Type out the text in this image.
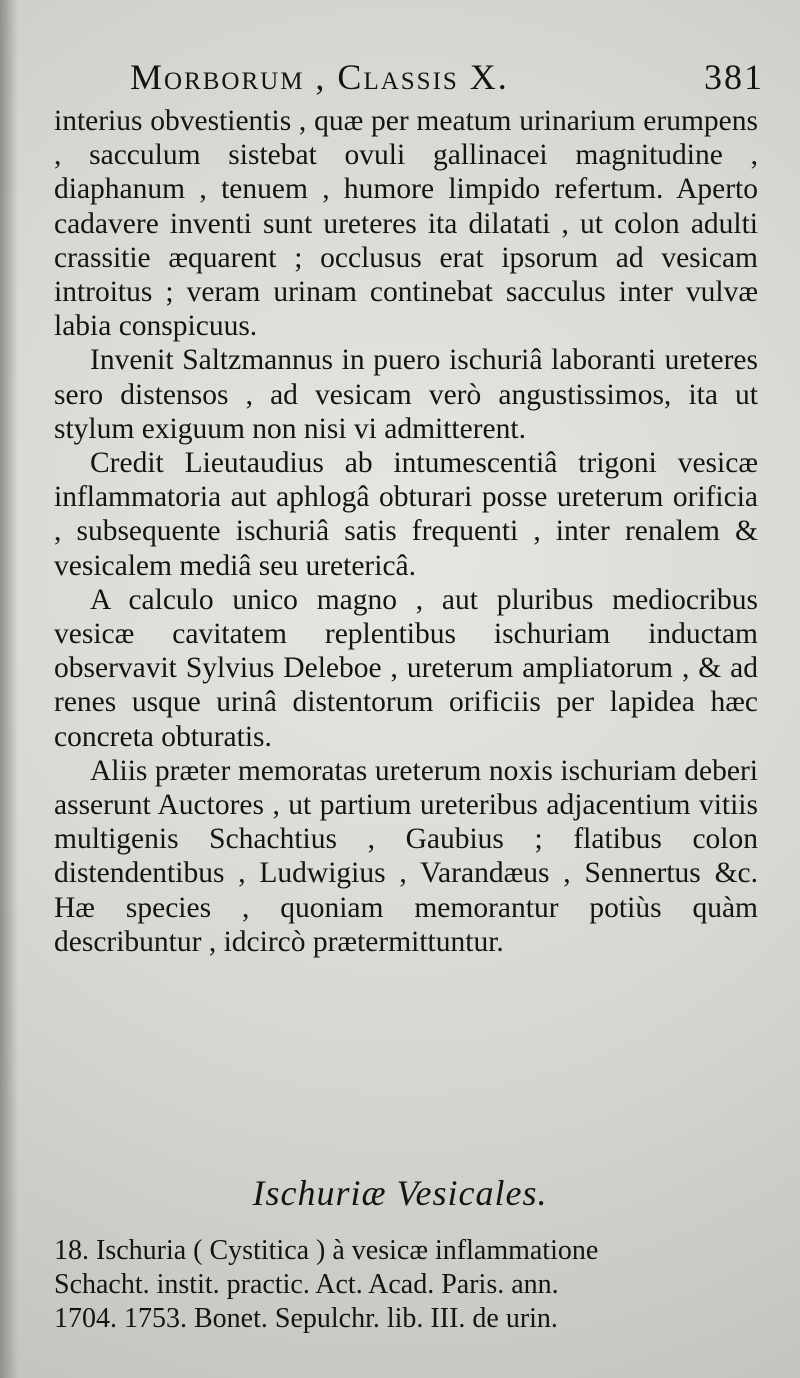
Morborum , Classis X.	381

interius obvestientis , quæ per meatum urinarium erumpens , sacculum sistebat ovuli gallinacei magnitudine , diaphanum , tenuem , humore limpido refertum. Aperto cadavere inventi sunt ureteres ita dilatati , ut colon adulti crassitie æquarent ; occlusus erat ipsorum ad vesicam introitus ; veram urinam continebat sacculus inter vulvæ labia conspicuus.

Invenit Saltzmannus in puero ischuriâ laboranti ureteres sero distensos , ad vesicam verò angustissimos, ita ut stylum exiguum non nisi vi admitterent.

Credit Lieutaudius ab intumescentiâ trigoni vesicæ inflammatoria aut aphlogâ obturari posse ureterum orificia , subsequente ischuriâ satis frequenti , inter renalem & vesicalem mediâ seu uretericâ.

A calculo unico magno , aut pluribus mediocribus vesicæ cavitatem replentibus ischuriam inductam observavit Sylvius Deleboe , ureterum ampliatorum , & ad renes usque urinâ distentorum orificiis per lapidea hæc concreta obturatis.

Aliis præter memoratas ureterum noxis ischuriam deberi asserunt Auctores , ut partium ureteribus adjacentium vitiis multigenis Schachtius , Gaubius ; flatibus colon distendentibus , Ludwigius , Varandæus , Sennertus &c. Hæ species , quoniam memorantur potiùs quàm describuntur , idcircò prætermittuntur.

Ischuriæ Vesicales.
18. Ischuria ( Cystitica ) à vesicæ inflammatione
Schacht. instit. practic. Act. Acad. Paris. ann.
1704. 1753. Bonet. Sepulchr. lib. III. de urin.
